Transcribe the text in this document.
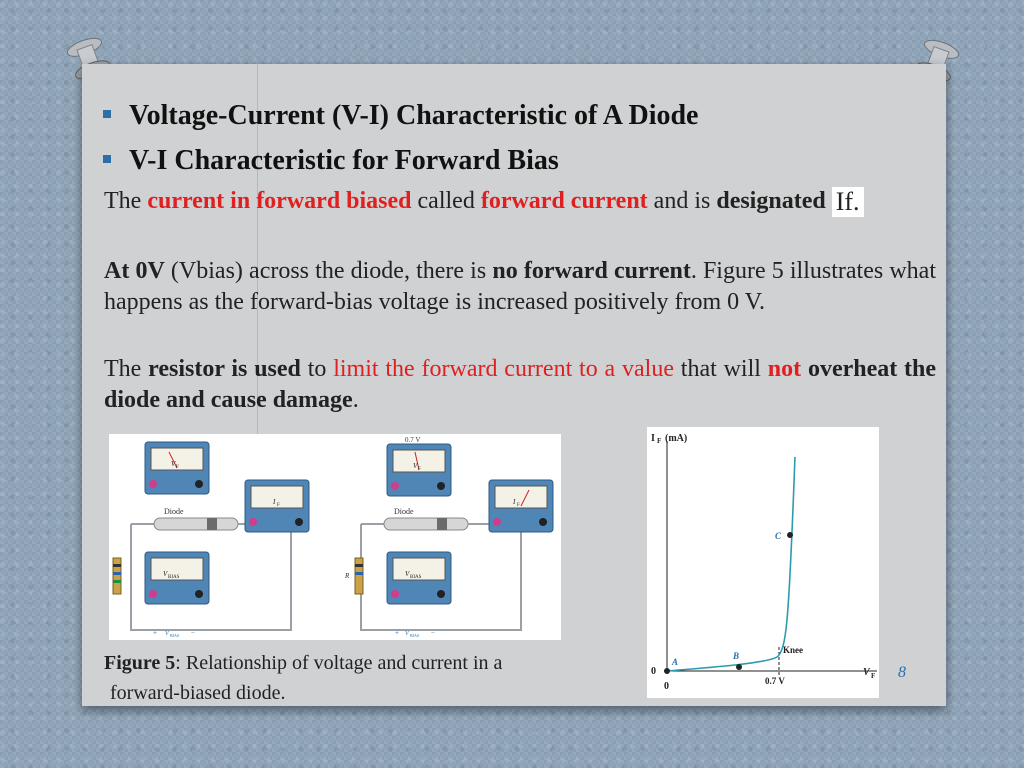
Voltage-Current (V-I) Characteristic of A Diode
V-I Characteristic for Forward Bias
The current in forward biased called forward current and is designated If.
At 0V (Vbias) across the diode, there is no forward current. Figure 5 illustrates what happens as the forward-bias voltage is increased positively from 0 V.
The resistor is used to limit the forward current to a value that will not overheat the diode and cause damage.
Diode
V F
I F
V BIAS
+ V BIAS −
Diode
R
0.7 V
V F
I F
V BIAS
+ V BIAS −
I F (mA)
V F
0
0	0.7 V
Knee
A
B
C
Figure 5: Relationship of voltage and current in a
forward-biased diode.
8
